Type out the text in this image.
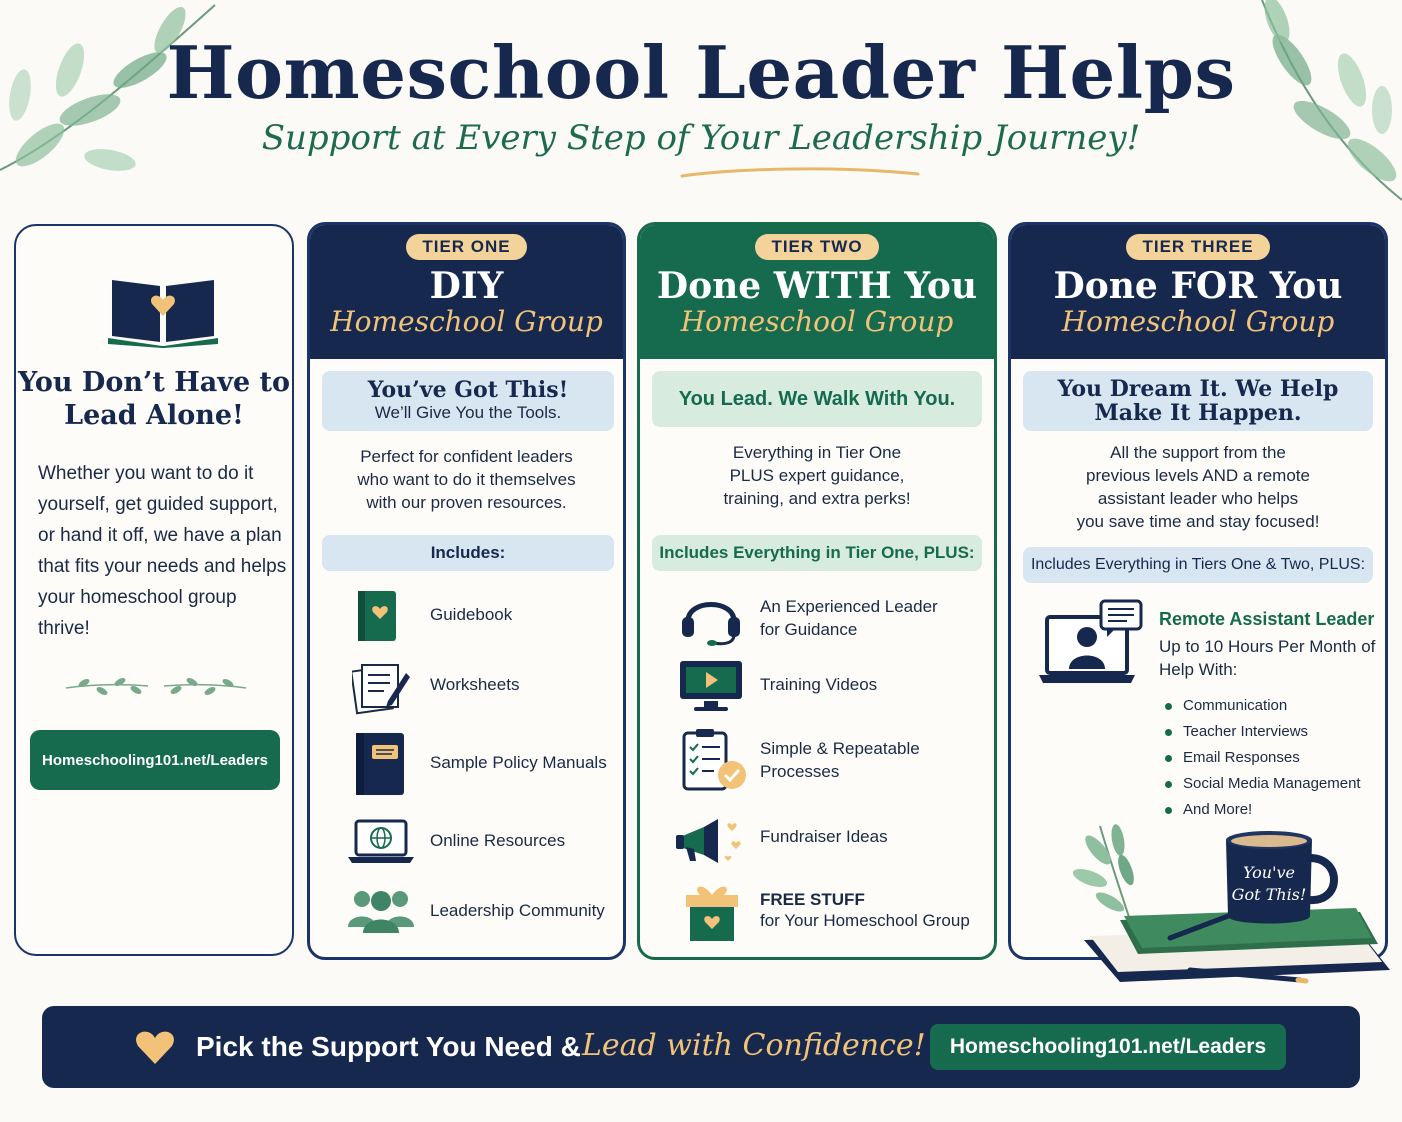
Homeschool Leader Helps
Support at Every Step of Your Leadership Journey!
You Don’t Have to
Lead Alone!
Whether you want to do it yourself, get guided support, or hand it off, we have a plan that fits your needs and helps your homeschool group thrive!
Homeschooling101.net/Leaders
TIER ONE
DIY
Homeschool Group
You’ve Got This!
We’ll Give You the Tools.
Perfect for confident leaders
who want to do it themselves
with our proven resources.
Includes:
Guidebook
Worksheets
Sample Policy Manuals
Online Resources
Leadership Community
TIER TWO
Done WITH You
Homeschool Group
You Lead. We Walk With You.
Everything in Tier One
PLUS expert guidance,
training, and extra perks!
Includes Everything in Tier One, PLUS:
An Experienced Leader
for Guidance
Training Videos
Simple & Repeatable
Processes
Fundraiser Ideas
FREE STUFF
for Your Homeschool Group
TIER THREE
Done FOR You
Homeschool Group
You Dream It. We Help
Make It Happen.
All the support from the
previous levels AND a remote
assistant leader who helps
you save time and stay focused!
Includes Everything in Tiers One & Two, PLUS:
Remote Assistant Leader
Up to 10 Hours Per Month of Help With:
Communication
Teacher Interviews
Email Responses
Social Media Management
And More!
You've
Got This!
Pick the Support You Need & Lead with Confidence!	Homeschooling101.net/Leaders
